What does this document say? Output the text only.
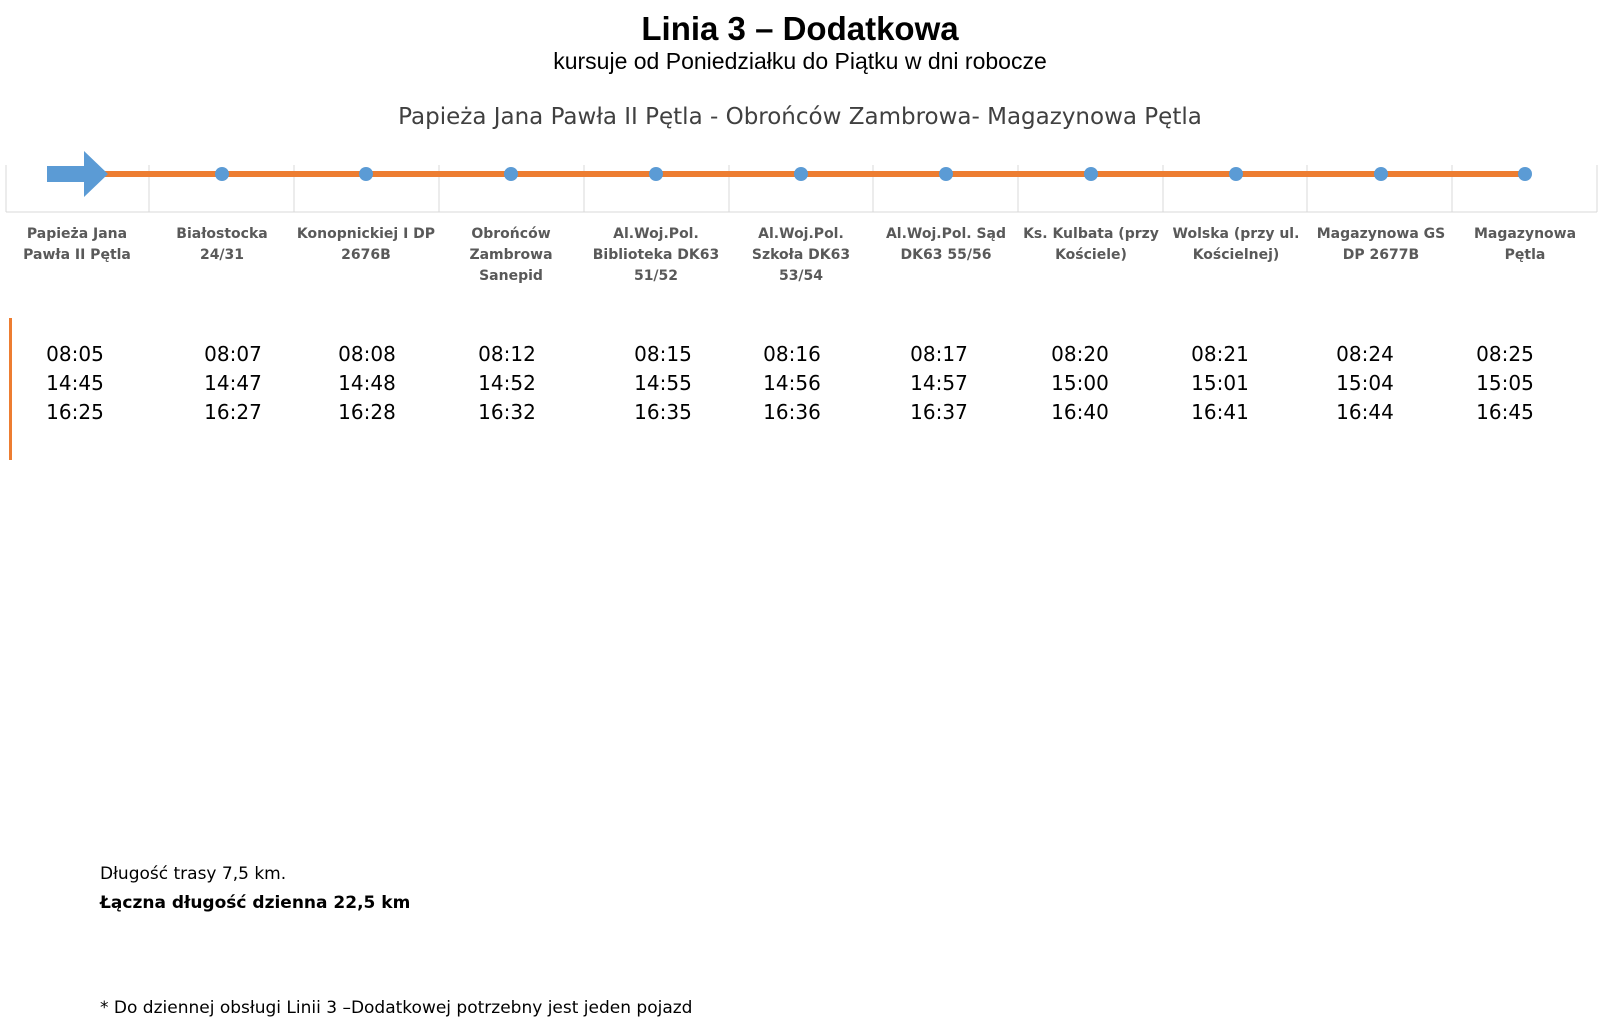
Linia 3 – Dodatkowa
kursuje od Poniedziałku do Piątku w dni robocze
Papieża Jana Pawła II Pętla - Obrońców Zambrowa- Magazynowa Pętla
Papieża Jana Pawła II Pętla
Białostocka 24/31
Konopnickiej I DP 2676B
Obrońców Zambrowa Sanepid
Al.Woj.Pol. Biblioteka DK63 51/52
Al.Woj.Pol. Szkoła DK63 53/54
Al.Woj.Pol. Sąd DK63 55/56
Ks. Kulbata (przy Kościele)
Wolska (przy ul. Kościelnej)
Magazynowa GS DP 2677B
Magazynowa Pętla
08:05
14:45
16:25
08:07
14:47
16:27
08:08
14:48
16:28
08:12
14:52
16:32
08:15
14:55
16:35
08:16
14:56
16:36
08:17
14:57
16:37
08:20
15:00
16:40
08:21
15:01
16:41
08:24
15:04
16:44
08:25
15:05
16:45
Długość trasy 7,5 km.
Łączna długość dzienna 22,5 km
* Do dziennej obsługi Linii 3 –Dodatkowej potrzebny jest jeden pojazd
